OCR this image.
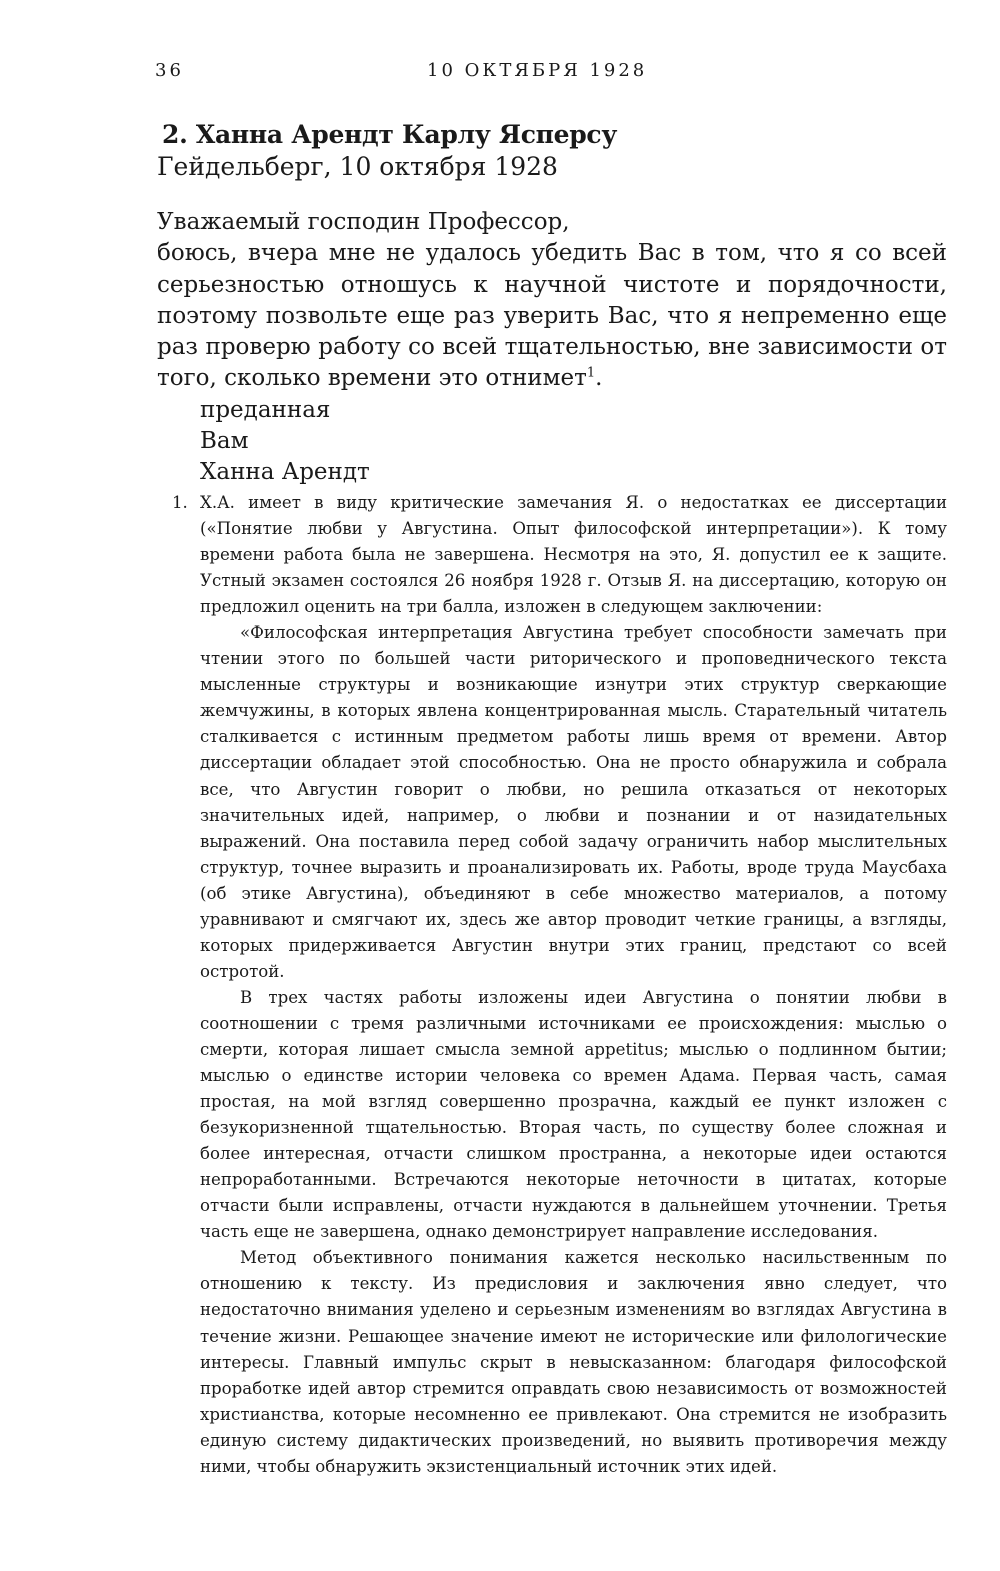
36	10 ОКТЯБРЯ 1928
2. Ханна Арендт Карлу Ясперсу
Гейдельберг, 10 октября 1928

Уважаемый господин Профессор,

боюсь, вчера мне не удалось убедить Вас в том, что я со всей серьезностью отношусь к научной чистоте и порядочности, поэтому позвольте еще раз уверить Вас, что я непременно еще раз проверю работу со всей тщательностью, вне зависимости от того, сколько времени это отнимет$^1$.

преданная
Вам
Ханна Арендт

1. Х.А. имеет в виду критические замечания Я. о недостатках ее диссертации («Понятие любви у Августина. Опыт философской интерпретации»). К тому времени работа была не завершена. Несмотря на это, Я. допустил ее к защите. Устный экзамен состоялся 26 ноября 1928 г. Отзыв Я. на диссертацию, которую он предложил оценить на три балла, изложен в следующем заключении:

«Философская интерпретация Августина требует способности замечать при чтении этого по большей части риторического и проповеднического текста мысленные структуры и возникающие изнутри этих структур сверкающие жемчужины, в которых явлена концентрированная мысль. Старательный читатель сталкивается с истинным предметом работы лишь время от времени. Автор диссертации обладает этой способностью. Она не просто обнаружила и собрала все, что Августин говорит о любви, но решила отказаться от некоторых значительных идей, например, о любви и познании и от назидательных выражений. Она поставила перед собой задачу ограничить набор мыслительных структур, точнее выразить и проанализировать их. Работы, вроде труда Маусбаха (об этике Августина), объединяют в себе множество материалов, а потому уравнивают и смягчают их, здесь же автор проводит четкие границы, а взгляды, которых придерживается Августин внутри этих границ, предстают со всей остротой.

В трех частях работы изложены идеи Августина о понятии любви в соотношении с тремя различными источниками ее происхождения: мыслью о смерти, которая лишает смысла земной appetitus; мыслью о подлинном бытии; мыслью о единстве истории человека со времен Адама. Первая часть, самая простая, на мой взгляд совершенно прозрачна, каждый ее пункт изложен с безукоризненной тщательностью. Вторая часть, по существу более сложная и более интересная, отчасти слишком пространна, а некоторые идеи остаются непроработанными. Встречаются некоторые неточности в цитатах, которые отчасти были исправлены, отчасти нуждаются в дальнейшем уточнении. Третья часть еще не завершена, однако демонстрирует направление исследования.

Метод объективного понимания кажется несколько насильственным по отношению к тексту. Из предисловия и заключения явно следует, что недостаточно внимания уделено и серьезным изменениям во взглядах Августина в течение жизни. Решающее значение имеют не исторические или филологические интересы. Главный импульс скрыт в невысказанном: благодаря философской проработке идей автор стремится оправдать свою независимость от возможностей христианства, которые несомненно ее привлекают. Она стремится не изобразить единую систему дидактических произведений, но выявить противоречия между ними, чтобы обнаружить экзистенциальный источник этих идей.
